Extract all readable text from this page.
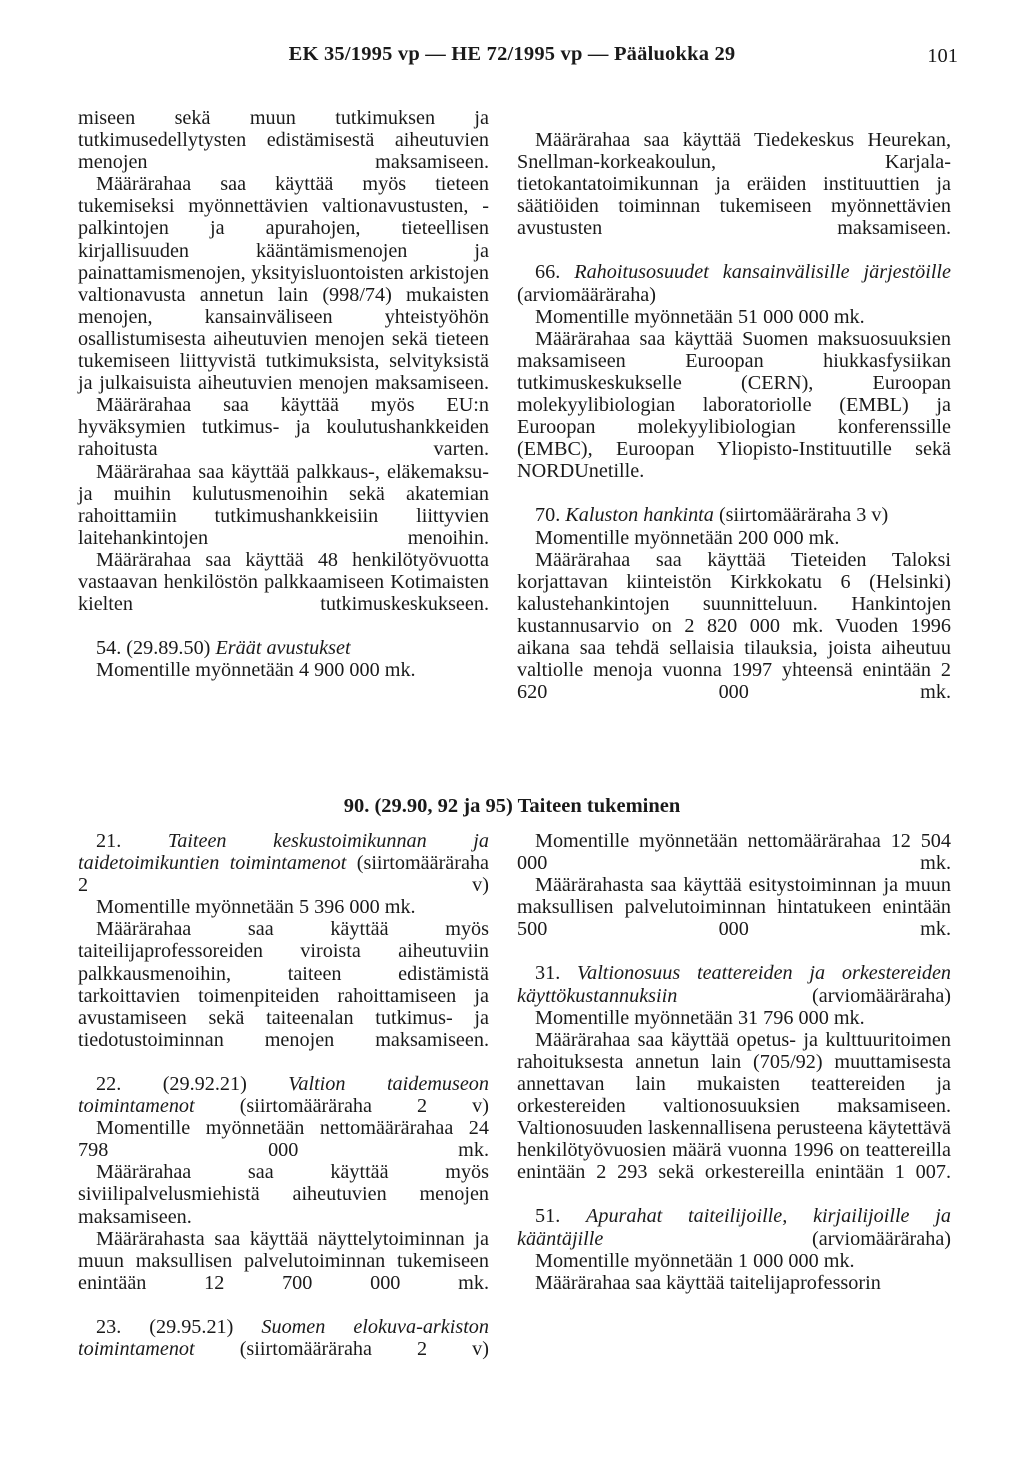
EK 35/1995 vp — HE 72/1995 vp — Pääluokka 29	101

miseen sekä muun tutkimuksen ja tutkimusedellytysten edistämisestä aiheutuvien menojen maksamiseen.

Määrärahaa saa käyttää myös tieteen tukemiseksi myönnettävien valtionavustusten, -palkintojen ja apurahojen, tieteellisen kirjallisuuden kääntämismenojen ja painattamismenojen, yksityisluontoisten arkistojen valtionavusta annetun lain (998/74) mukaisten menojen, kansainväliseen yhteistyöhön osallistumisesta aiheutuvien menojen sekä tieteen tukemiseen liittyvistä tutkimuksista, selvityksistä ja julkaisuista aiheutuvien menojen maksamiseen.

Määrärahaa saa käyttää myös EU:n hyväksymien tutkimus- ja koulutushankkeiden rahoitusta varten.

Määrärahaa saa käyttää palkkaus-, eläkemaksu- ja muihin kulutusmenoihin sekä akatemian rahoittamiin tutkimushankkeisiin liittyvien laitehankintojen menoihin.

Määrärahaa saa käyttää 48 henkilötyövuotta vastaavan henkilöstön palkkaamiseen Kotimaisten kielten tutkimuskeskukseen.

54. (29.89.50) Eräät avustukset

Momentille myönnetään 4 900 000 mk.

Määrärahaa saa käyttää Tiedekeskus Heurekan, Snellman-korkeakoulun, Karjala-tietokantatoimikunnan ja eräiden instituuttien ja säätiöiden toiminnan tukemiseen myönnettävien avustusten maksamiseen.

66. Rahoitusosuudet kansainvälisille järjestöille (arviomääräraha)

Momentille myönnetään 51 000 000 mk.

Määrärahaa saa käyttää Suomen maksuosuuksien maksamiseen Euroopan hiukkasfysiikan tutkimuskeskukselle (CERN), Euroopan molekyylibiologian laboratoriolle (EMBL) ja Euroopan molekyylibiologian konferenssille (EMBC), Euroopan Yliopisto-Instituutille sekä NORDUnetille.

70. Kaluston hankinta (siirtomääräraha 3 v)

Momentille myönnetään 200 000 mk.

Määrärahaa saa käyttää Tieteiden Taloksi korjattavan kiinteistön Kirkkokatu 6 (Helsinki) kalustehankintojen suunnitteluun. Hankintojen kustannusarvio on 2 820 000 mk. Vuoden 1996 aikana saa tehdä sellaisia tilauksia, joista aiheutuu valtiolle menoja vuonna 1997 yhteensä enintään 2 620 000 mk.

90. (29.90, 92 ja 95) Taiteen tukeminen

21. Taiteen keskustoimikunnan ja taidetoimikuntien toimintamenot (siirtomääräraha 2 v)

Momentille myönnetään 5 396 000 mk.

Määrärahaa saa käyttää myös taiteilijaprofessoreiden viroista aiheutuviin palkkausmenoihin, taiteen edistämistä tarkoittavien toimenpiteiden rahoittamiseen ja avustamiseen sekä taiteenalan tutkimus- ja tiedotustoiminnan menojen maksamiseen.

22. (29.92.21) Valtion taidemuseon toimintamenot (siirtomääräraha 2 v)

Momentille myönnetään nettomäärärahaa 24 798 000 mk.

Määrärahaa saa käyttää myös siviilipalvelusmiehistä aiheutuvien menojen maksamiseen.

Määrärahasta saa käyttää näyttelytoiminnan ja muun maksullisen palvelutoiminnan tukemiseen enintään 12 700 000 mk.

23. (29.95.21) Suomen elokuva-arkiston toimintamenot (siirtomääräraha 2 v)

Momentille myönnetään nettomäärärahaa 12 504 000 mk.

Määrärahasta saa käyttää esitystoiminnan ja muun maksullisen palvelutoiminnan hintatukeen enintään 500 000 mk.

31. Valtionosuus teattereiden ja orkestereiden käyttökustannuksiin	(arviomääräraha)

Momentille myönnetään 31 796 000 mk.

Määrärahaa saa käyttää opetus- ja kulttuuritoimen rahoituksesta annetun lain (705/92) muuttamisesta annettavan lain mukaisten teattereiden ja orkestereiden valtionosuuksien maksamiseen. Valtionosuuden laskennallisena perusteena käytettävä henkilötyövuosien määrä vuonna 1996 on teattereilla enintään 2 293 sekä orkestereilla enintään 1 007.

51. Apurahat taiteilijoille, kirjailijoille ja kääntäjille	(arviomääräraha)

Momentille myönnetään 1 000 000 mk.

Määrärahaa saa käyttää taitelijaprofessorin
